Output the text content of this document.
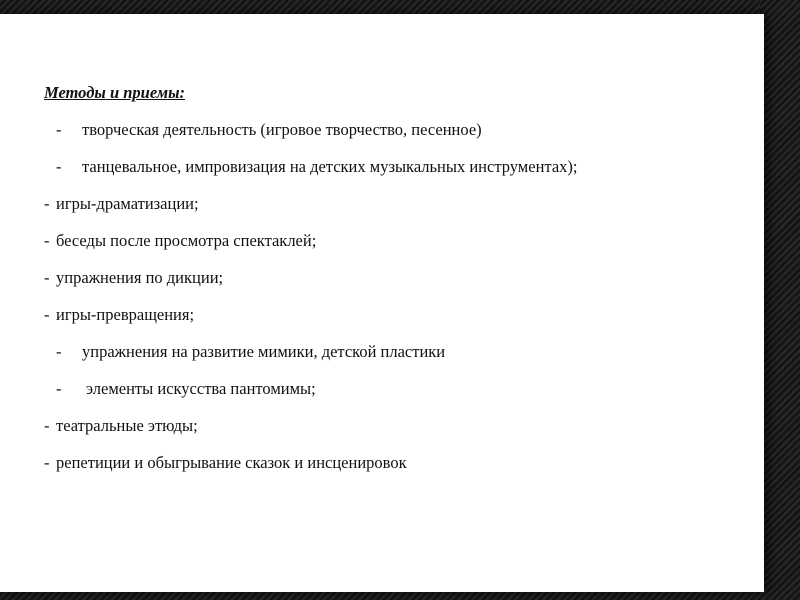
Методы и приемы:
- творческая деятельность (игровое творчество, песенное)
- танцевальное, импровизация на детских музыкальных инструментах);
- игры-драматизации;
- беседы после просмотра спектаклей;
- упражнения по дикции;
- игры-превращения;
- упражнения на развитие мимики, детской пластики
- элементы искусства пантомимы;
- театральные этюды;
- репетиции и обыгрывание сказок и инсценировок
